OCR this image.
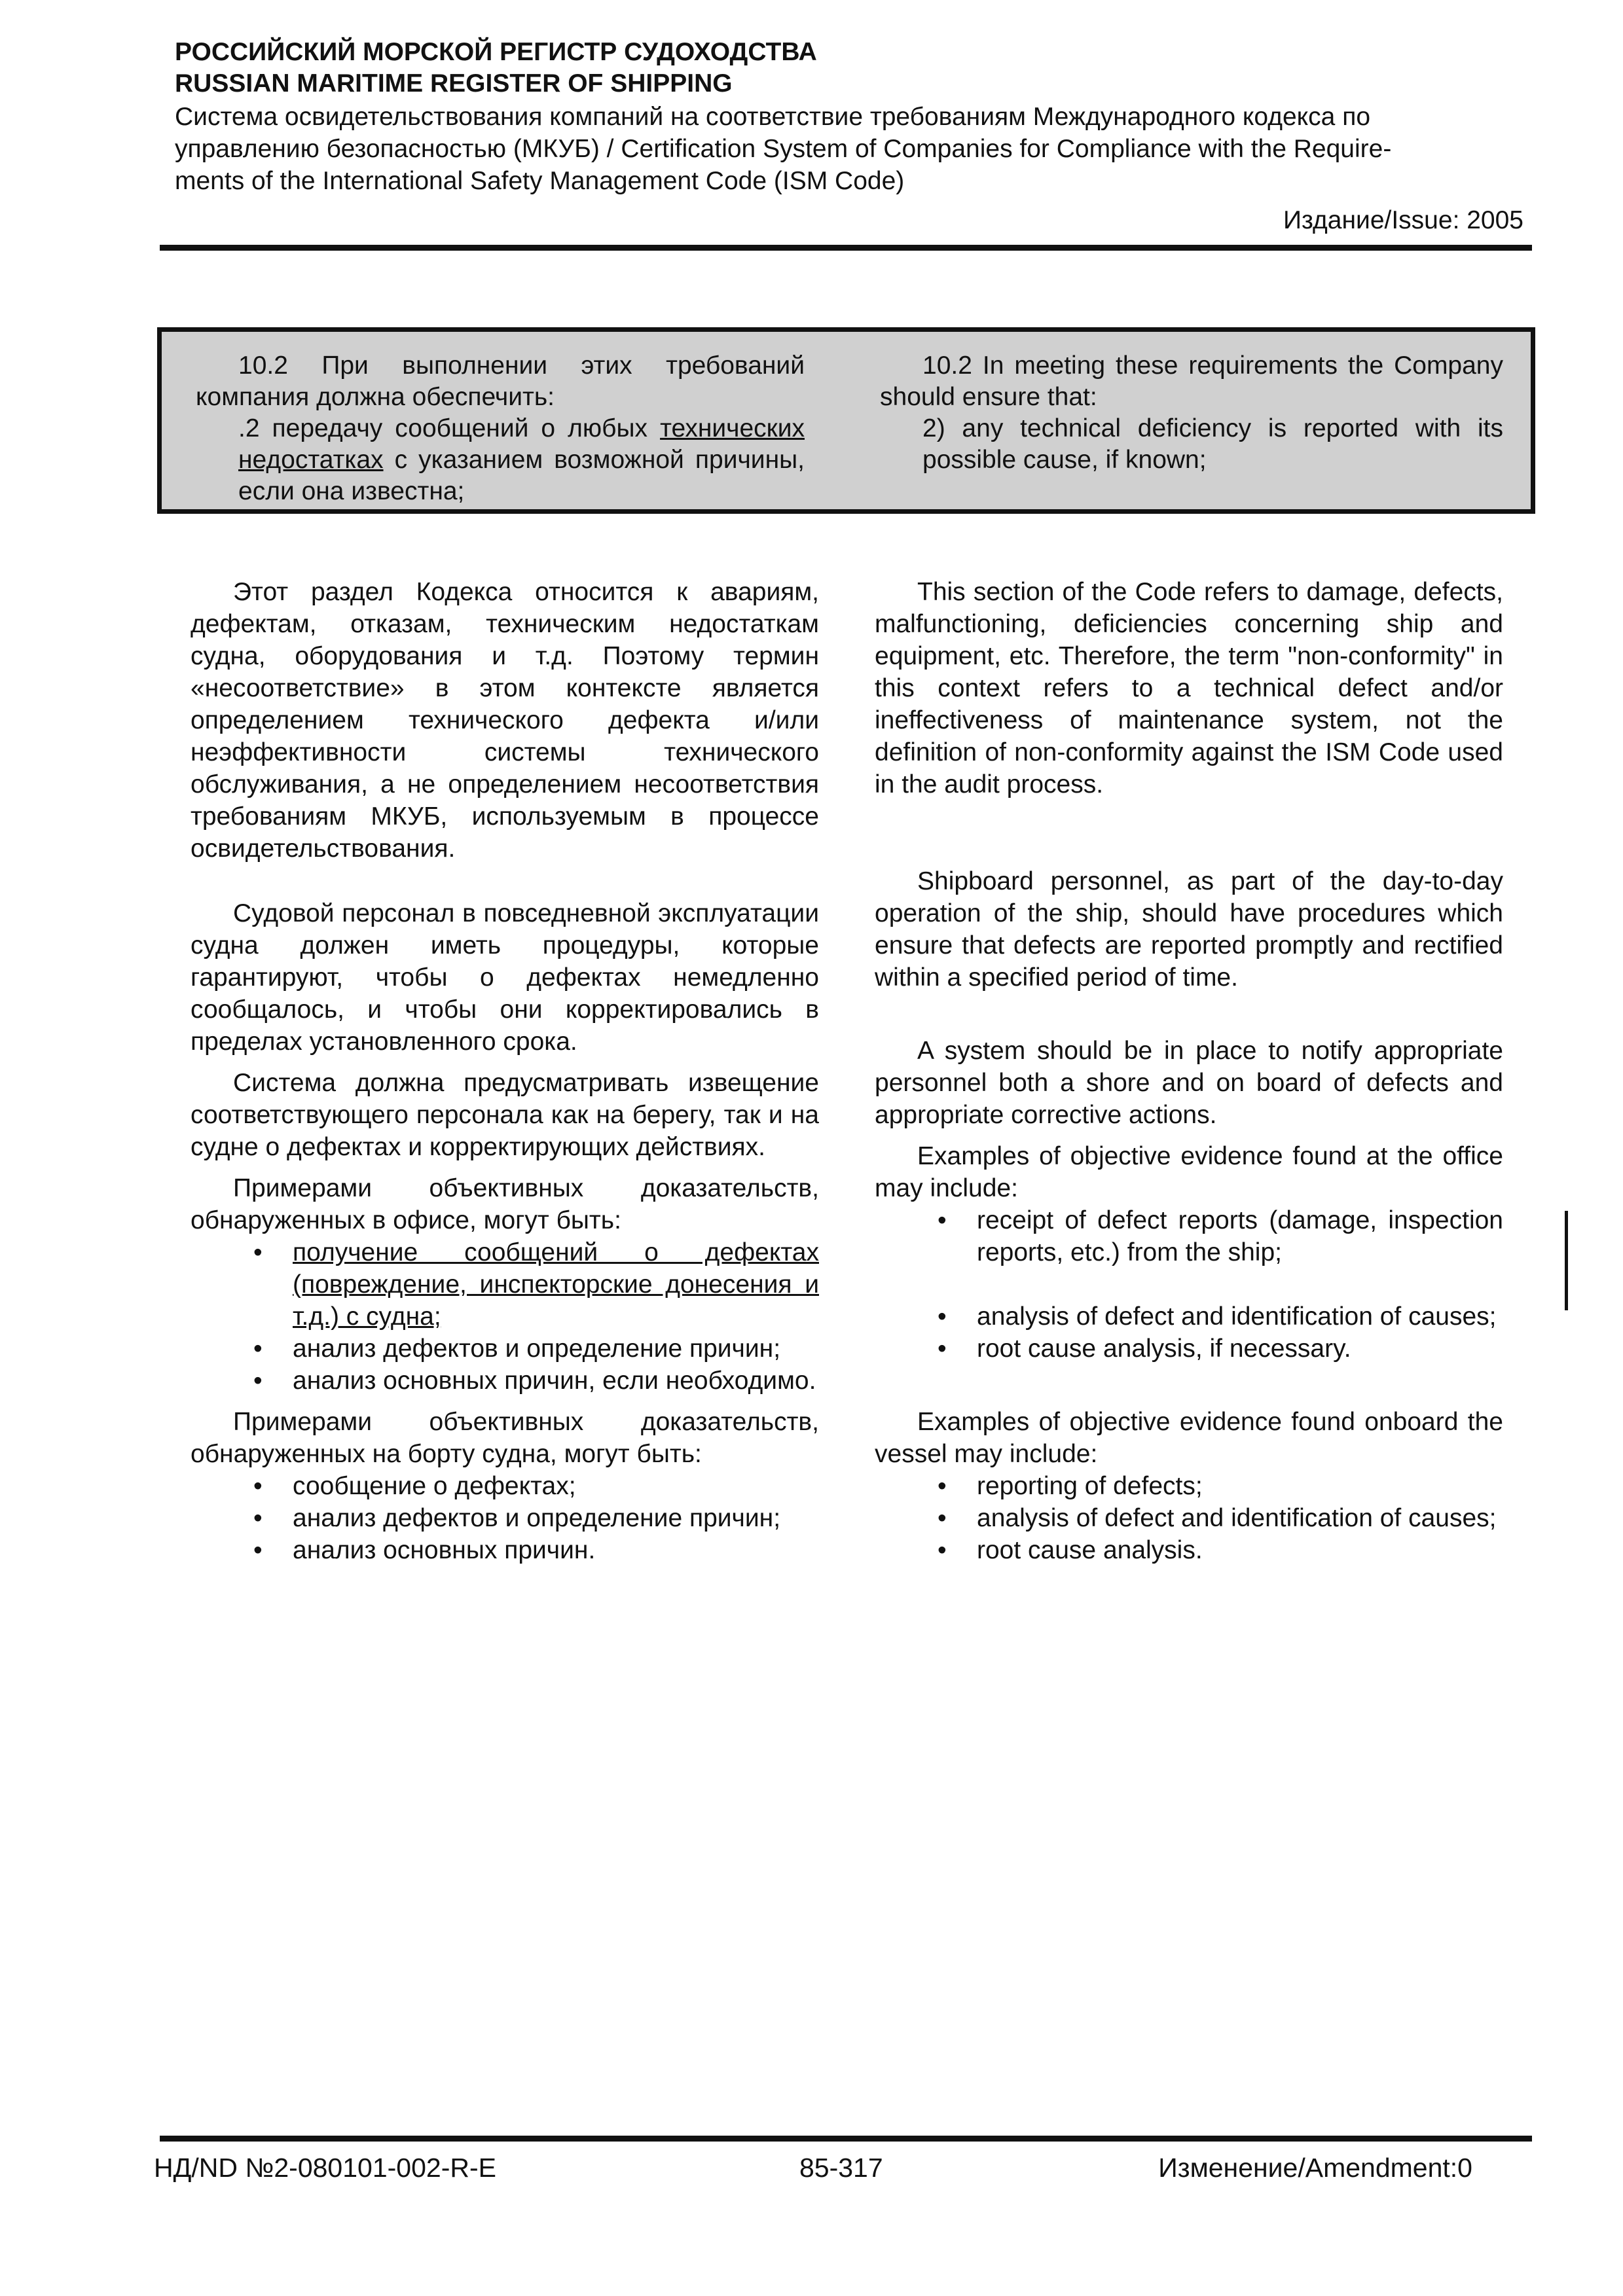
РОССИЙСКИЙ МОРСКОЙ РЕГИСТР СУДОХОДСТВА
RUSSIAN MARITIME REGISTER OF SHIPPING
Система освидетельствования компаний на соответствие требованиям Международного кодекса по
управлению безопасностью (МКУБ) / Certification System of Companies for Compliance with the Require-
ments of the International Safety Management Code (ISM Code)
Издание/Issue: 2005
10.2 При выполнении этих требований компания должна обеспечить:
.2 передачу сообщений о любых технических недостатках с указанием возможной причины, если она известна;
10.2 In meeting these requirements the Company should ensure that:
2) any technical deficiency is reported with its possible cause, if known;

Этот раздел Кодекса относится к авариям, дефектам, отказам, техническим недостаткам судна, оборудования и т.д. Поэтому термин «несоответствие» в этом контексте является определением технического дефекта и/или неэффективности системы технического обслуживания, а не определением несоответствия требованиям МКУБ, используемым в процессе освидетельствования.

Судовой персонал в повседневной эксплуатации судна должен иметь процедуры, которые гарантируют, чтобы о дефектах немедленно сообщалось, и чтобы они корректировались в пределах установленного срока.

Система должна предусматривать извещение соответствующего персонала как на берегу, так и на судне о дефектах и корректирующих действиях.

Примерами объективных доказательств, обнаруженных в офисе, могут быть:

• получение сообщений о дефектах (повреждение, инспекторские донесения и т.д.) с судна;
• анализ дефектов и определение причин;
• анализ основных причин, если необходимо.

Примерами объективных доказательств, обнаруженных на борту судна, могут быть:

• сообщение о дефектах;
• анализ дефектов и определение причин;
• анализ основных причин.

This section of the Code refers to damage, defects, malfunctioning, deficiencies concerning ship and equipment, etc. Therefore, the term "non-conformity" in this context refers to a technical defect and/or ineffectiveness of maintenance system, not the definition of non-conformity against the ISM Code used in the audit process.

Shipboard personnel, as part of the day-to-day operation of the ship, should have procedures which ensure that defects are reported promptly and rectified within a specified period of time.

A system should be in place to notify appropriate personnel both a shore and on board of defects and appropriate corrective actions.

Examples of objective evidence found at the office may include:

• receipt of defect reports (damage, inspection reports, etc.) from the ship;
• analysis of defect and identification of causes;
• root cause analysis, if necessary.

Examples of objective evidence found onboard the vessel may include:

• reporting of defects;
• analysis of defect and identification of causes;
• root cause analysis.
НД/ND №2-080101-002-R-E	85-317	Изменение/Amendment:0
